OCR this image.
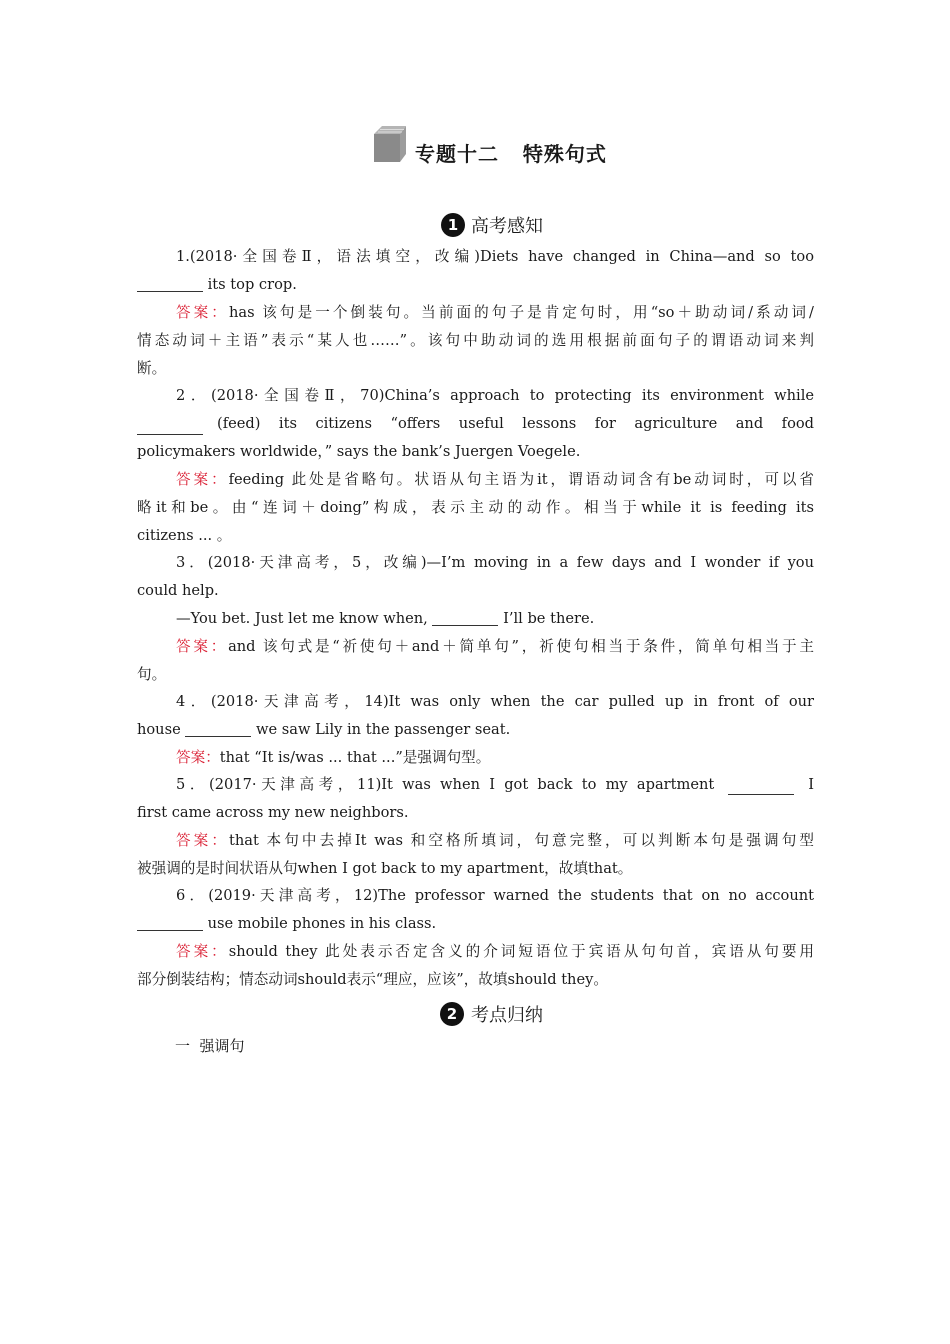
专题十二   特殊句式
1 高考感知
1.(2018·全国卷Ⅱ，语法填空，改编)Diets have changed in China—and so too
its top crop.
答案：has 该句是一个倒装句。当前面的句子是肯定句时，用“so＋助动词/系动词/
情态动词＋主语”表示“某人也……”。该句中助动词的选用根据前面句子的谓语动词来判
断。
2．(2018·全国卷Ⅱ，70)China’s approach to protecting its environment while
(feed) its citizens “offers useful lessons for agriculture and food
policymakers worldwide，” says the bank’s Juergen Voegele.
答案：feeding 此处是省略句。状语从句主语为it，谓语动词含有be动词时，可以省
略it和be。由“连词＋doing”构成，表示主动的动作。相当于while it is feeding its
citizens ... 。
3．(2018·天津高考，5，改编)—I’m moving in a few days and I wonder if you
could help.
—You bet. Just let me know when,	I’ll be there.
答案：and 该句式是“祈使句＋and＋简单句”，祈使句相当于条件，简单句相当于主
句。
4．(2018·天津高考，14)It was only when the car pulled up in front of our
house	we saw Lily in the passenger seat.
答案：that “It is/was ... that ...”是强调句型。
5．(2017·天津高考，11)It was when I got back to my apartment	I
first came across my new neighbors.
答案：that 本句中去掉It was 和空格所填词，句意完整，可以判断本句是强调句型
被强调的是时间状语从句when I got back to my apartment，故填that。
6．(2019·天津高考，12)The professor warned the students that on no account
use mobile phones in his class.
答案：should they 此处表示否定含义的介词短语位于宾语从句句首，宾语从句要用
部分倒装结构；情态动词should表示“理应，应该”，故填should they。
2 考点归纳
一  强调句
